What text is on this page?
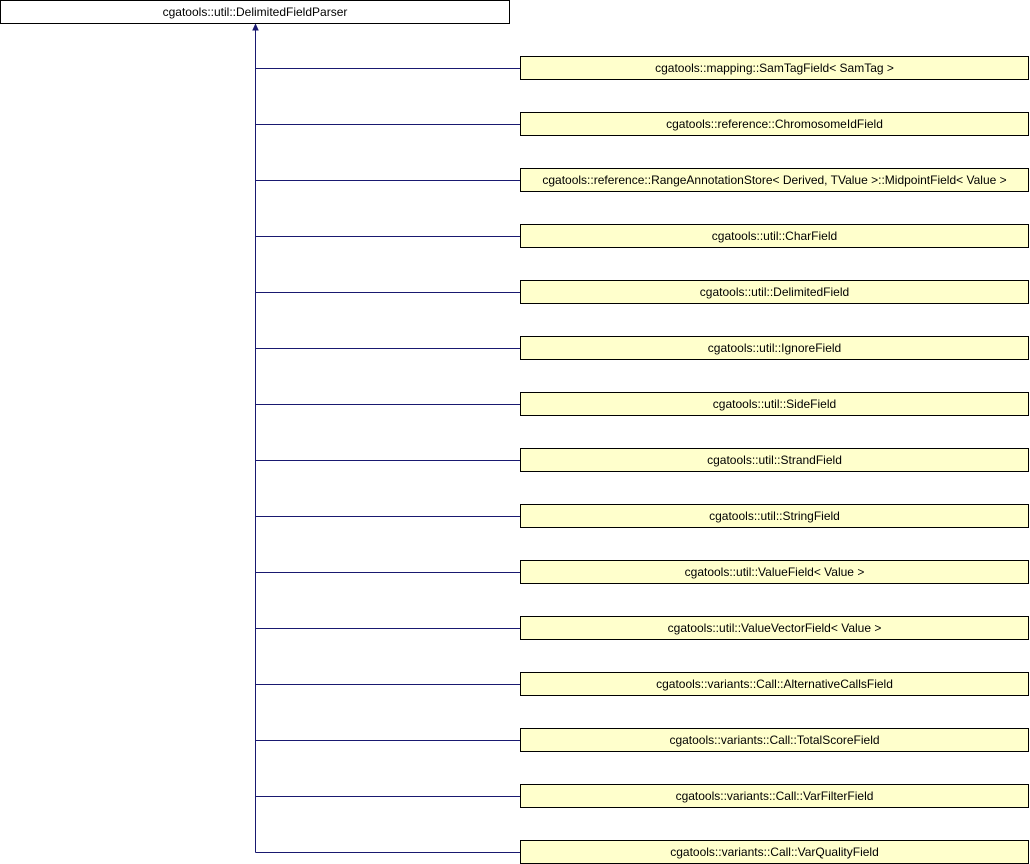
cgatools::util::DelimitedFieldParser
cgatools::mapping::SamTagField< SamTag >
cgatools::reference::ChromosomeIdField
cgatools::reference::RangeAnnotationStore< Derived, TValue >::MidpointField< Value >
cgatools::util::CharField
cgatools::util::DelimitedField
cgatools::util::IgnoreField
cgatools::util::SideField
cgatools::util::StrandField
cgatools::util::StringField
cgatools::util::ValueField< Value >
cgatools::util::ValueVectorField< Value >
cgatools::variants::Call::AlternativeCallsField
cgatools::variants::Call::TotalScoreField
cgatools::variants::Call::VarFilterField
cgatools::variants::Call::VarQualityField
